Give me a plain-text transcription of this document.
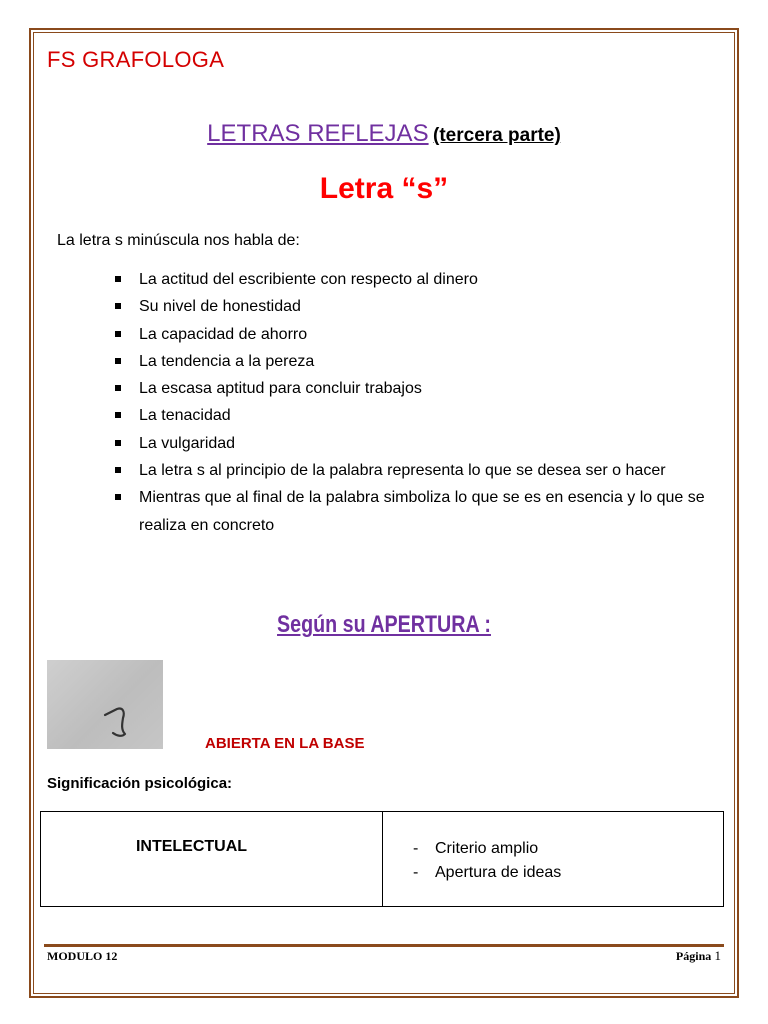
FS GRAFOLOGA
LETRAS REFLEJAS (tercera parte)
Letra “s”
La letra s minúscula nos habla de:
La actitud del escribiente con respecto al dinero
Su nivel de honestidad
La capacidad de ahorro
La tendencia a la pereza
La escasa aptitud para concluir trabajos
La tenacidad
La vulgaridad
La letra s al principio de la palabra representa lo que se desea ser o hacer
Mientras que al final de la palabra simboliza lo que se es en esencia y lo que se realiza en concreto
Según su APERTURA :
ABIERTA EN LA BASE
Significación psicológica:
INTELECTUAL	-	Criterio amplio
-	Apertura de ideas
MODULO 12	Página 1
